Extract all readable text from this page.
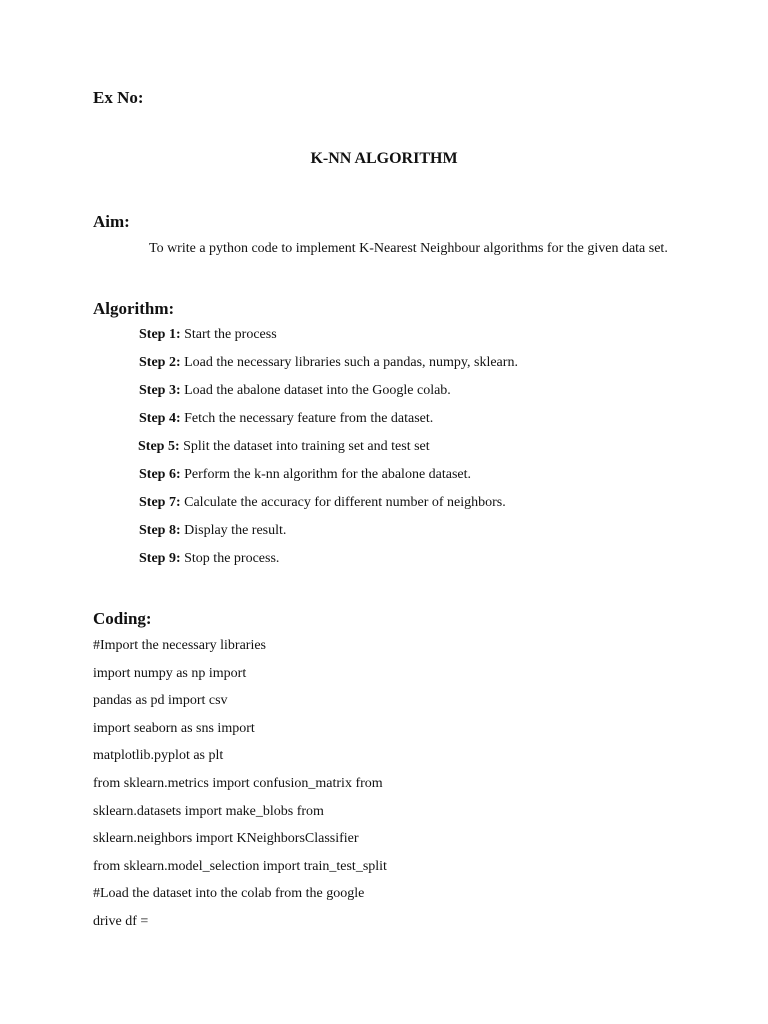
Ex No:
K-NN ALGORITHM
Aim:
To write a python code to implement K-Nearest Neighbour algorithms for the given data set.
Algorithm:
Step 1: Start the process
Step 2: Load the necessary libraries such a pandas, numpy, sklearn.
Step 3: Load the abalone dataset into the Google colab.
Step 4: Fetch the necessary feature from the dataset.
Step 5: Split the dataset into training set and test set
Step 6: Perform the k-nn algorithm for the abalone dataset.
Step 7: Calculate the accuracy for different number of neighbors.
Step 8: Display the result.
Step 9: Stop the process.
Coding:
#Import the necessary libraries
import numpy as np import
pandas as pd import csv
import seaborn as sns import
matplotlib.pyplot as plt
from sklearn.metrics import confusion_matrix from
sklearn.datasets import make_blobs from
sklearn.neighbors import KNeighborsClassifier
from sklearn.model_selection import train_test_split
#Load the dataset into the colab from the google
drive df =
